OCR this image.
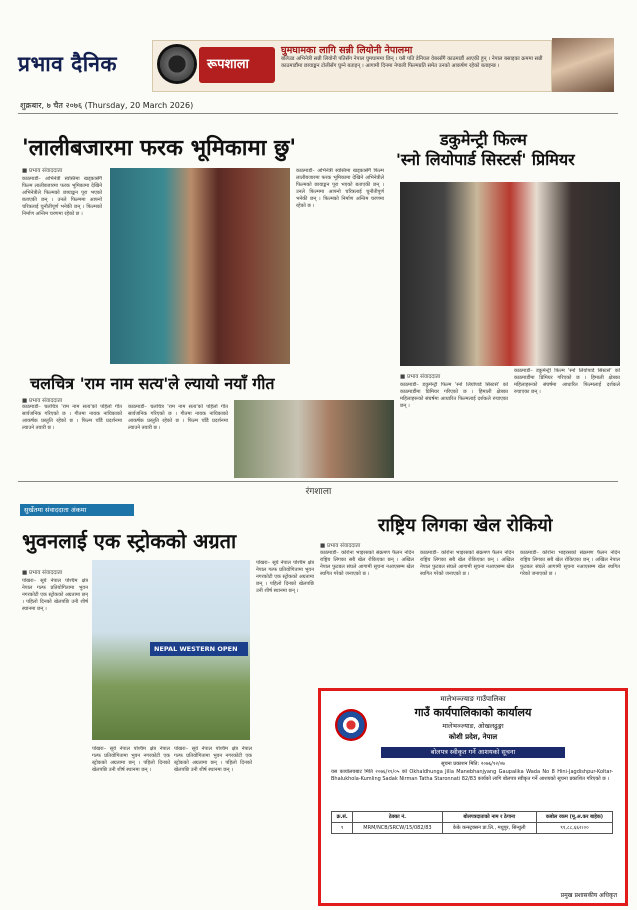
प्रभाव दैनिक	रूपशाला
घुमघामका लागि सन्नी लियोनी नेपालमा
बलिउड अभिनेत्री सन्नी लियोनी पतिसँग नेपाल घुमघाममा छिन् । यसै पति डेनियल वेबरसँगै काठमाडौं आएकी हुन् । नेपाल बसाइका क्रममा सन्नी काठमाडौंमा छायाङ्कन टोलीसँग घुम्ने बताइन् । आगामी दिनमा नेपाली फिल्मप्रति समेत उनको आकर्षण रहेको बताइन्छ ।
शुक्रबार, ७ चैत २०७६ (Thursday, 20 March 2026)
'लालीबजारमा फरक भूमिकामा छु'
■ प्रभाव संवाददाता
काठमाडौं– अभिनेत्री स्वस्तिमा खड्कासँगै फिल्म लालीबजारमा फरक भूमिकामा देखिने अभिनेत्रीले फिल्मको छायाङ्कन पूरा भएको बताएकी छन् । उनले फिल्ममा आफ्नो चरित्रलाई चुनौतीपूर्ण भनेकी छन् । फिल्मको निर्माण अन्तिम चरणमा रहेको छ ।
काठमाडौं– अभिनेत्री स्वस्तिमा खड्कासँगै फिल्म लालीबजारमा फरक भूमिकामा देखिने अभिनेत्रीले फिल्मको छायाङ्कन पूरा भएको बताएकी छन् । उनले फिल्ममा आफ्नो चरित्रलाई चुनौतीपूर्ण भनेकी छन् । फिल्मको निर्माण अन्तिम चरणमा रहेको छ ।
डकुमेन्ट्री फिल्म
'स्नो लियोपार्ड सिस्टर्स' प्रिमियर
■ प्रभाव संवाददाता
काठमाडौं– डकुमेन्ट्री फिल्म 'स्नो लियोपार्ड सिस्टर्स' को काठमाडौंमा प्रिमियर गरिएको छ । हिमाली क्षेत्रका महिलाहरूको संघर्षमा आधारित फिल्मलाई दर्शकले रुचाएका छन् ।
काठमाडौं– डकुमेन्ट्री फिल्म 'स्नो लियोपार्ड सिस्टर्स' को काठमाडौंमा प्रिमियर गरिएको छ । हिमाली क्षेत्रका महिलाहरूको संघर्षमा आधारित फिल्मलाई दर्शकले रुचाएका छन् ।
चलचित्र 'राम नाम सत्य'ले ल्यायो नयाँ गीत
■ प्रभाव संवाददाता
काठमाडौं– चलचित्र 'राम नाम सत्य'को पहिलो गीत सार्वजनिक गरिएको छ । गीतमा नायक नायिकाको आकर्षक प्रस्तुति रहेको छ । फिल्म चाँडै प्रदर्शनमा ल्याउने तयारी छ ।
काठमाडौं– चलचित्र 'राम नाम सत्य'को पहिलो गीत सार्वजनिक गरिएको छ । गीतमा नायक नायिकाको आकर्षक प्रस्तुति रहेको छ । फिल्म चाँडै प्रदर्शनमा ल्याउने तयारी छ ।
रंगशाला
सुर्खेतमा संवाददाता अंकमा
भुवनलाई एक स्ट्रोकको अग्रता
■ प्रभाव संवाददाता
पोखरा– सूर्य नेपाल पश्चिम क्षेत्र नेपाल गल्फ प्रतियोगितामा भुवन नगरकोटी एक स्ट्रोकको अग्रतामा छन् । पहिलो दिनको खेलपछि उनी शीर्ष स्थानमा छन् ।
NEPAL WESTERN OPEN
पोखरा– सूर्य नेपाल पश्चिम क्षेत्र नेपाल गल्फ प्रतियोगितामा भुवन नगरकोटी एक स्ट्रोकको अग्रतामा छन् । पहिलो दिनको खेलपछि उनी शीर्ष स्थानमा छन् ।
पोखरा– सूर्य नेपाल पश्चिम क्षेत्र नेपाल गल्फ प्रतियोगितामा भुवन नगरकोटी एक स्ट्रोकको अग्रतामा छन् । पहिलो दिनको खेलपछि उनी शीर्ष स्थानमा छन् ।
पोखरा– सूर्य नेपाल पश्चिम क्षेत्र नेपाल गल्फ प्रतियोगितामा भुवन नगरकोटी एक स्ट्रोकको अग्रतामा छन् । पहिलो दिनको खेलपछि उनी शीर्ष स्थानमा छन् ।
राष्ट्रिय लिगका खेल रोकियो
■ प्रभाव संवाददाता
काठमाडौं– कोरोना भाइरसको संक्रमण फैलन नदिन राष्ट्रिय लिगका सबै खेल रोकिएका छन् । अखिल नेपाल फुटबल संघले आगामी सूचना नआएसम्म खेल स्थगित गरेको जनाएको छ ।
काठमाडौं– कोरोना भाइरसको संक्रमण फैलन नदिन राष्ट्रिय लिगका सबै खेल रोकिएका छन् । अखिल नेपाल फुटबल संघले आगामी सूचना नआएसम्म खेल स्थगित गरेको जनाएको छ ।
काठमाडौं– कोरोना भाइरसको संक्रमण फैलन नदिन राष्ट्रिय लिगका सबै खेल रोकिएका छन् । अखिल नेपाल फुटबल संघले आगामी सूचना नआएसम्म खेल स्थगित गरेको जनाएको छ ।
मालेभञ्ज्याङ गाउँपालिका
गाउँ कार्यपालिकाको कार्यालय
मालेभञ्ज्याङ, ओखलढुङ्गा
कोशी प्रदेश, नेपाल
बोलपत्र स्वीकृत गर्ने आशयको सूचना
सूचना प्रकाशन मिति: २०७६/१२/०७
यस कार्यालयबाट मिति २०७६/११/०५ को Okhaldhunga Jilla Manebhanjyang Gaupalika Wada No 8 Hini-Jagdishpur-Koltar-Bhalukhola-Kumling Sadak Nirman Tatha Staronnati 82/83 कार्यको लागि बोलपत्र स्वीकृत गर्ने आशयको सूचना प्रकाशित गरिएको छ ।
क्र.सं.	ठेक्का नं.	बोलपत्रदाताको नाम र ठेगाना	कबोल रकम (मू.अ.कर बाहेक)
१	MRM/NCB/SRCW/15/082/83	केके कन्स्ट्रक्सन प्रा.लि., मधुपुर, सिन्धुली	९१,८८,६६२।००
प्रमुख प्रशासकीय अधिकृत
